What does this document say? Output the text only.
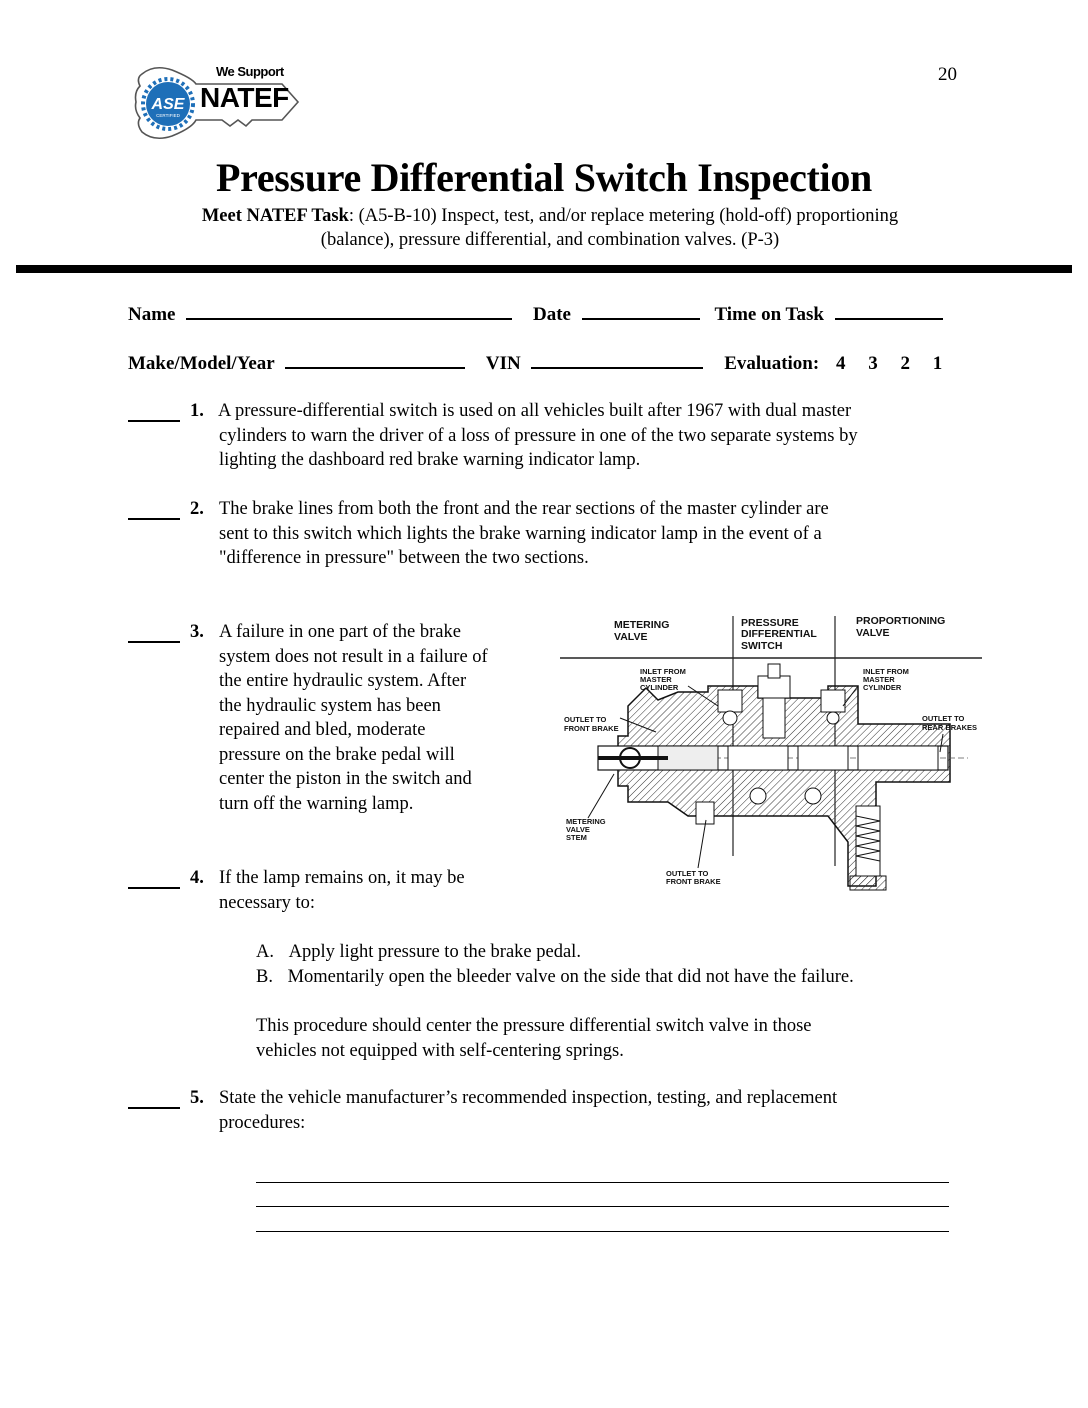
20
ASE
CERTIFIED
We Support
NATEF
Pressure Differential Switch Inspection
Meet NATEF Task: (A5-B-10) Inspect, test, and/or replace metering (hold-off) proportioning
(balance), pressure differential, and combination valves. (P-3)
Name	Date	Time on Task
Make/Model/Year	VIN	Evaluation: 4 3 2 1
1. A pressure-differential switch is used on all vehicles built after 1967 with dual master
cylinders to warn the driver of a loss of pressure in one of the two separate systems by
lighting the dashboard red brake warning indicator lamp.
2. The brake lines from both the front and the rear sections of the master cylinder are
sent to this switch which lights the brake warning indicator lamp in the event of a
"difference in pressure" between the two sections.
3. A failure in one part of the brake
system does not result in a failure of
the entire hydraulic system. After
the hydraulic system has been
repaired and bled, moderate
pressure on the brake pedal will
center the piston in the switch and
turn off the warning lamp.
4. If the lamp remains on, it may be
necessary to:
A. Apply light pressure to the brake pedal.
B. Momentarily open the bleeder valve on the side that did not have the failure.
This procedure should center the pressure differential switch valve in those
vehicles not equipped with self-centering springs.
5. State the vehicle manufacturer’s recommended inspection, testing, and replacement
procedures:
METERING
VALVE
PRESSURE
DIFFERENTIAL
SWITCH
PROPORTIONING
VALVE
INLET FROM
MASTER
CYLINDER
INLET FROM
MASTER
CYLINDER
OUTLET TO
FRONT BRAKE
OUTLET TO
REAR BRAKES
METERING
VALVE
STEM
OUTLET TO
FRONT BRAKE
